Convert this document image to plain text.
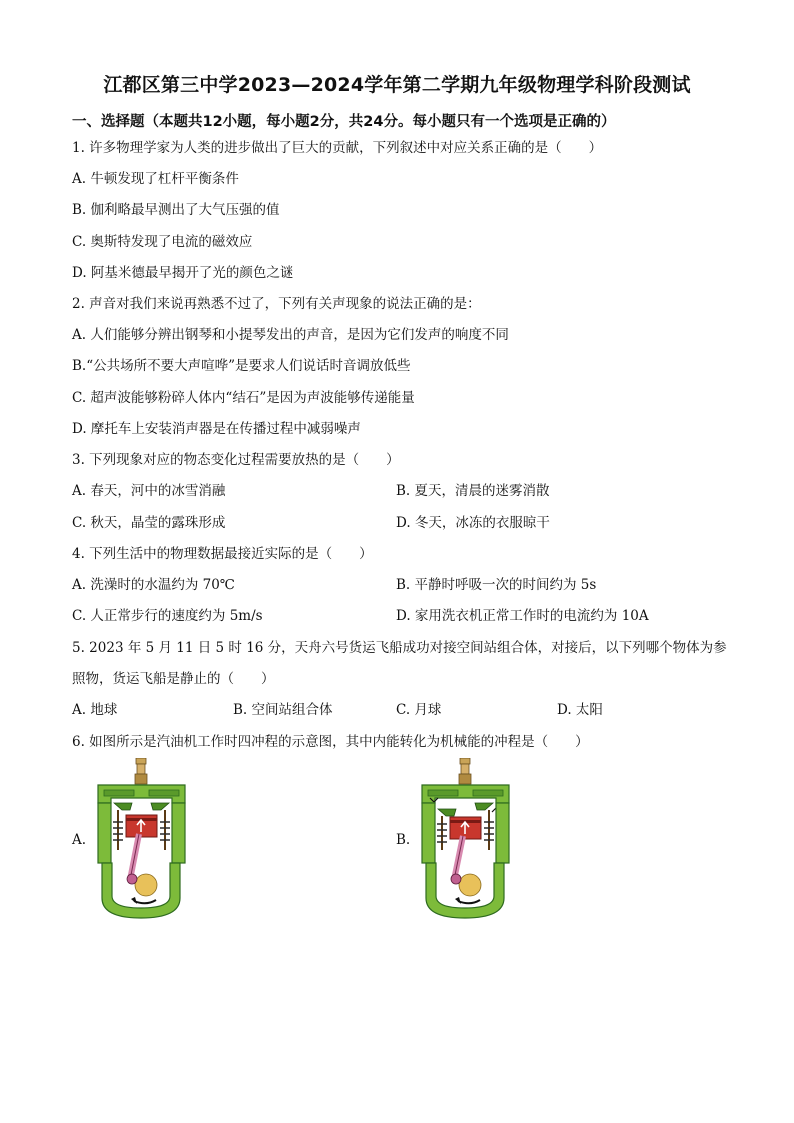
江都区第三中学2023—2024学年第二学期九年级物理学科阶段测试
一、选择题（本题共12小题，每小题2分，共24分。每小题只有一个选项是正确的）
1. 许多物理学家为人类的进步做出了巨大的贡献，下列叙述中对应关系正确的是（　　）
A. 牛顿发现了杠杆平衡条件
B. 伽利略最早测出了大气压强的值
C. 奥斯特发现了电流的磁效应
D. 阿基米德最早揭开了光的颜色之谜
2. 声音对我们来说再熟悉不过了，下列有关声现象的说法正确的是：
A. 人们能够分辨出钢琴和小提琴发出的声音，是因为它们发声的响度不同
B.“公共场所不要大声喧哗”是要求人们说话时音调放低些
C. 超声波能够粉碎人体内“结石”是因为声波能够传递能量
D. 摩托车上安装消声器是在传播过程中减弱噪声
3. 下列现象对应的物态变化过程需要放热的是（　　）
A. 春天，河中的冰雪消融	B. 夏天，清晨的迷雾消散
C. 秋天，晶莹的露珠形成	D. 冬天，冰冻的衣服晾干
4. 下列生活中的物理数据最接近实际的是（　　）
A. 洗澡时的水温约为 70℃	B. 平静时呼吸一次的时间约为 5s
C. 人正常步行的速度约为 5m/s	D. 家用洗衣机正常工作时的电流约为 10A
5. 2023 年 5 月 11 日 5 时 16 分，天舟六号货运飞船成功对接空间站组合体，对接后，以下列哪个物体为参
照物，货运飞船是静止的（　　）
A. 地球	B. 空间站组合体	C. 月球	D. 太阳
6. 如图所示是汽油机工作时四冲程的示意图，其中内能转化为机械能的冲程是（　　）
A.	B.
